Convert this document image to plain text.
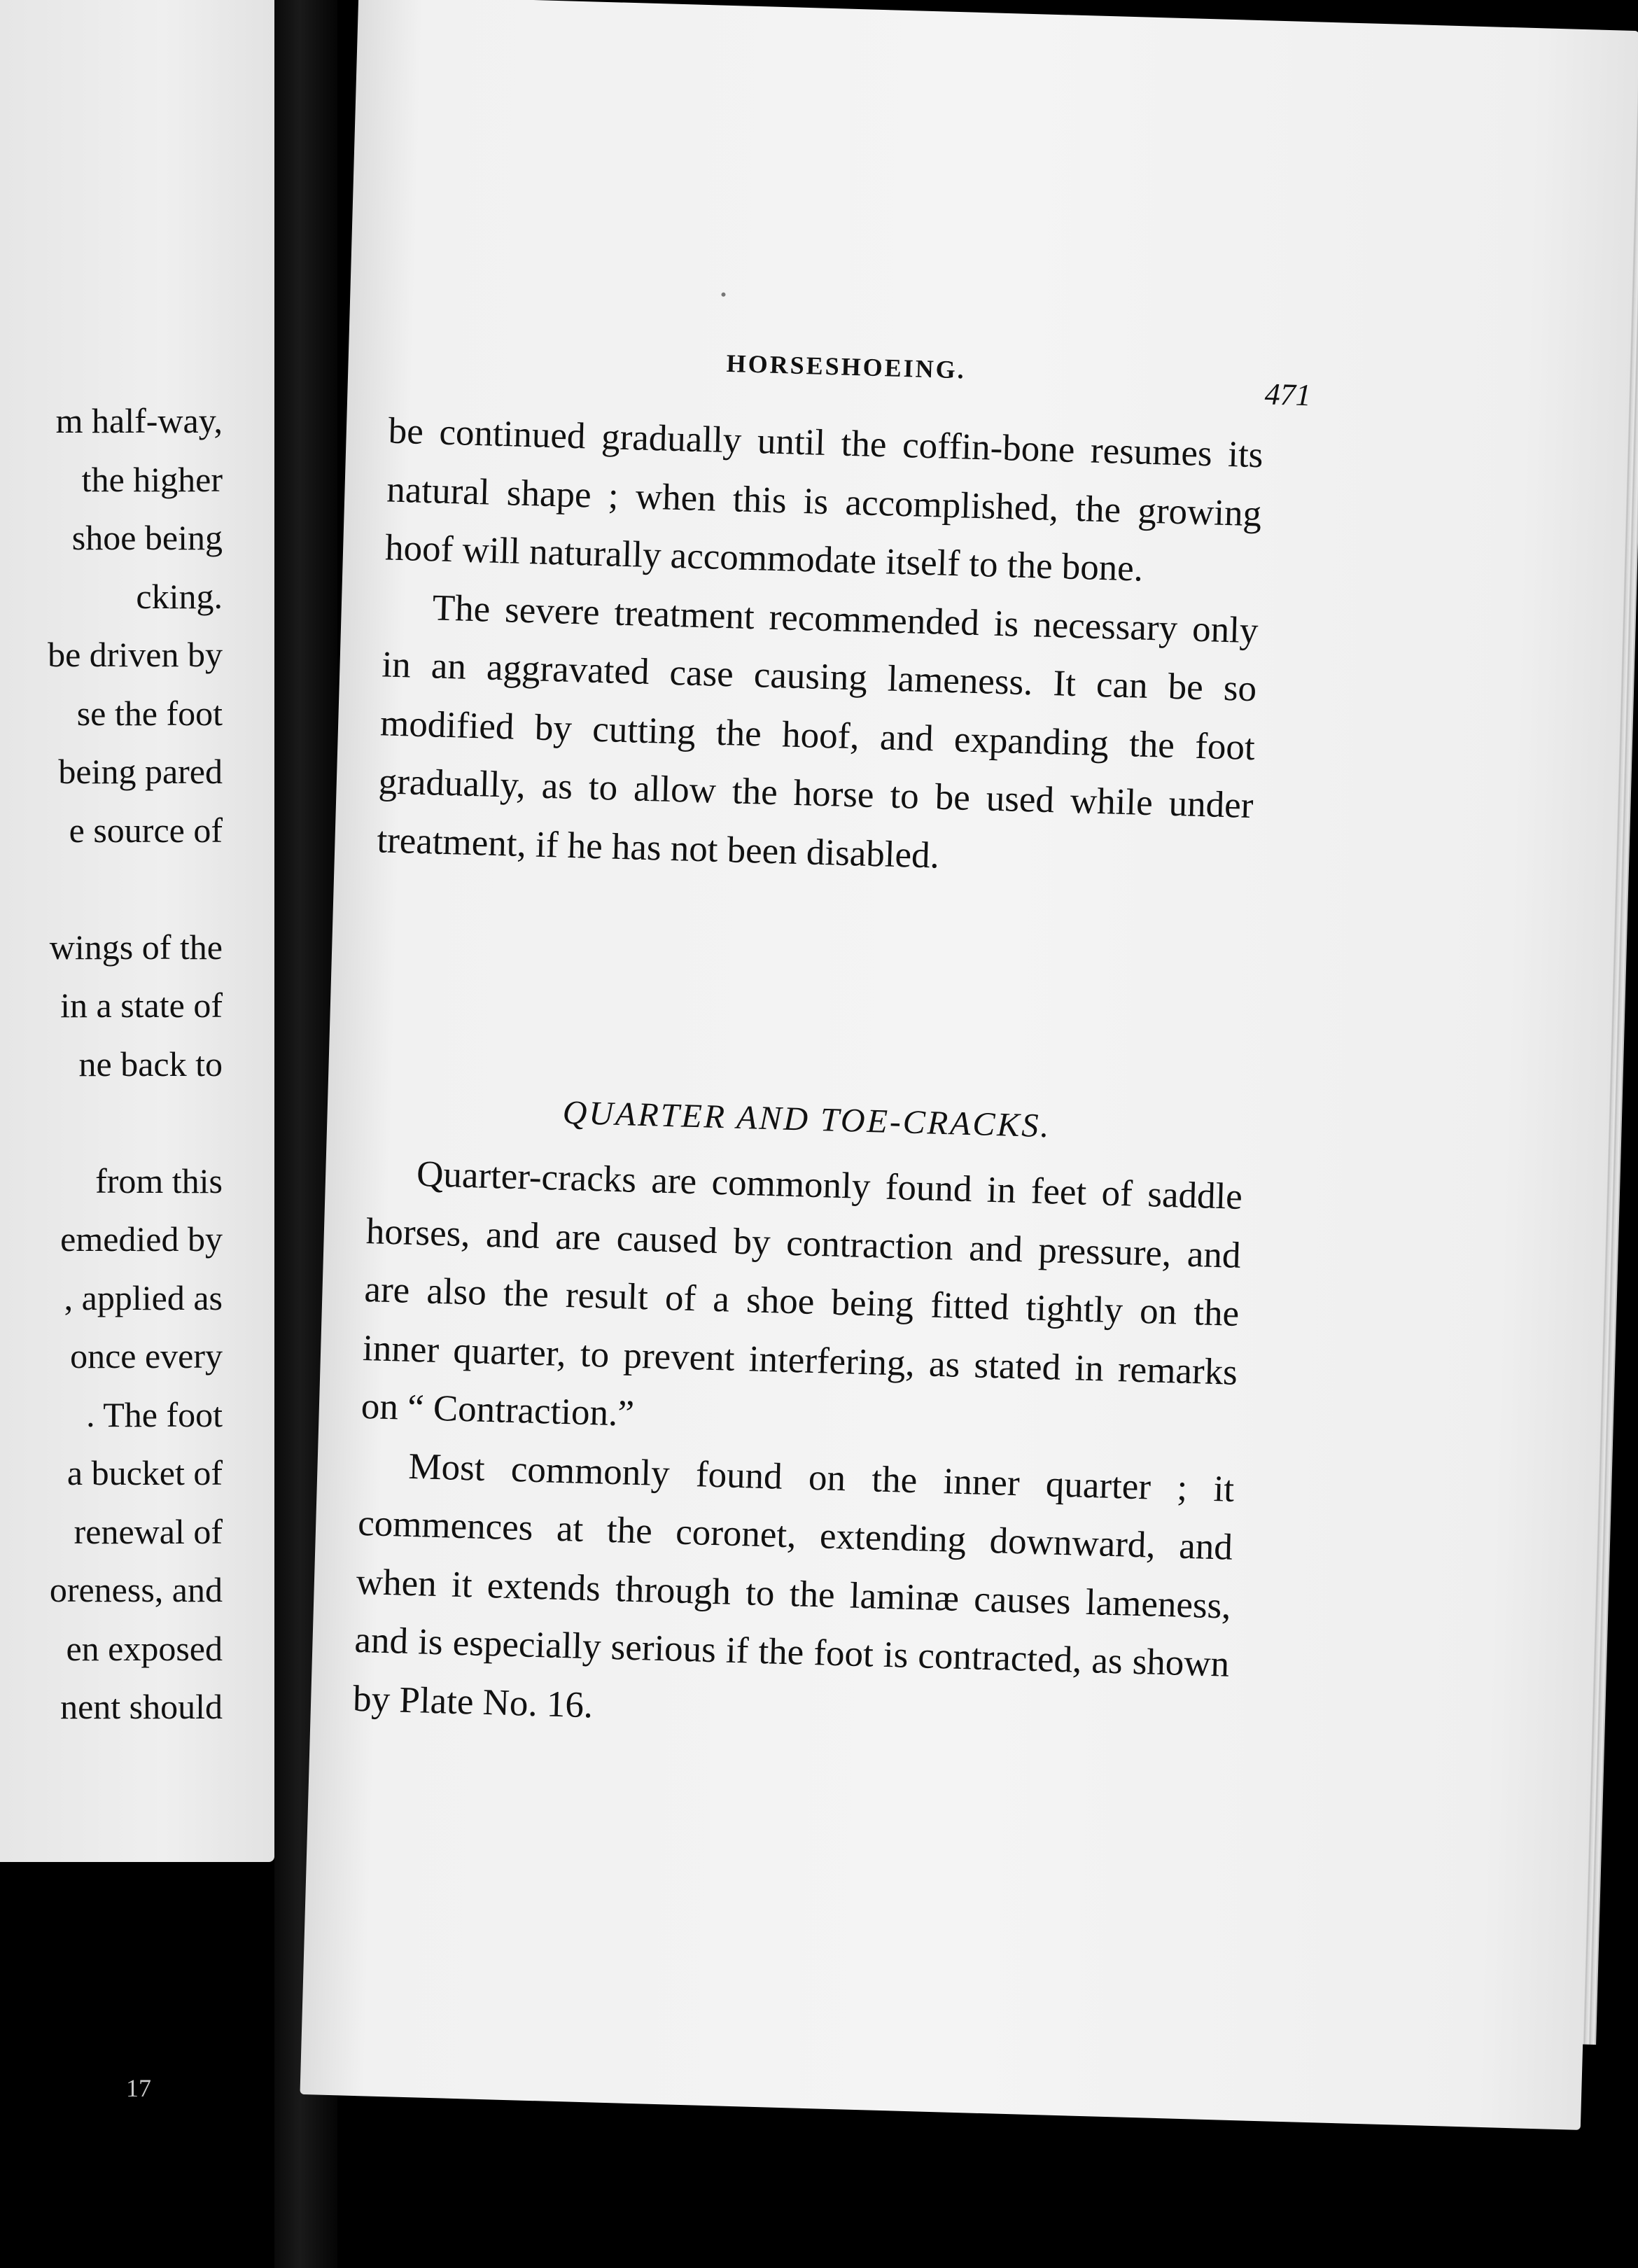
m half-way,
the higher
shoe being
cking.
be driven by
se the foot
being pared
e source of
wings of the
in a state of
ne back to
from this
emedied by
, applied as
once every
. The foot
a bucket of
renewal of
oreness, and
en exposed
nent should
17
HORSESHOEING.
471

be continued gradually until the coffin-bone resumes its natural shape ; when this is accomplished, the growing hoof will naturally accommodate itself to the bone.

The severe treatment recommended is necessary only in an aggravated case causing lameness. It can be so modified by cutting the hoof, and expanding the foot gradually, as to allow the horse to be used while under treatment, if he has not been disabled.

QUARTER AND TOE-CRACKS.

Quarter-cracks are commonly found in feet of saddle horses, and are caused by contraction and pressure, and are also the result of a shoe being fitted tightly on the inner quarter, to prevent interfering, as stated in remarks on “ Contraction.”

Most commonly found on the inner quarter ; it commences at the coronet, extending downward, and when it extends through to the laminæ causes lameness, and is especially serious if the foot is contracted, as shown by Plate No. 16.
